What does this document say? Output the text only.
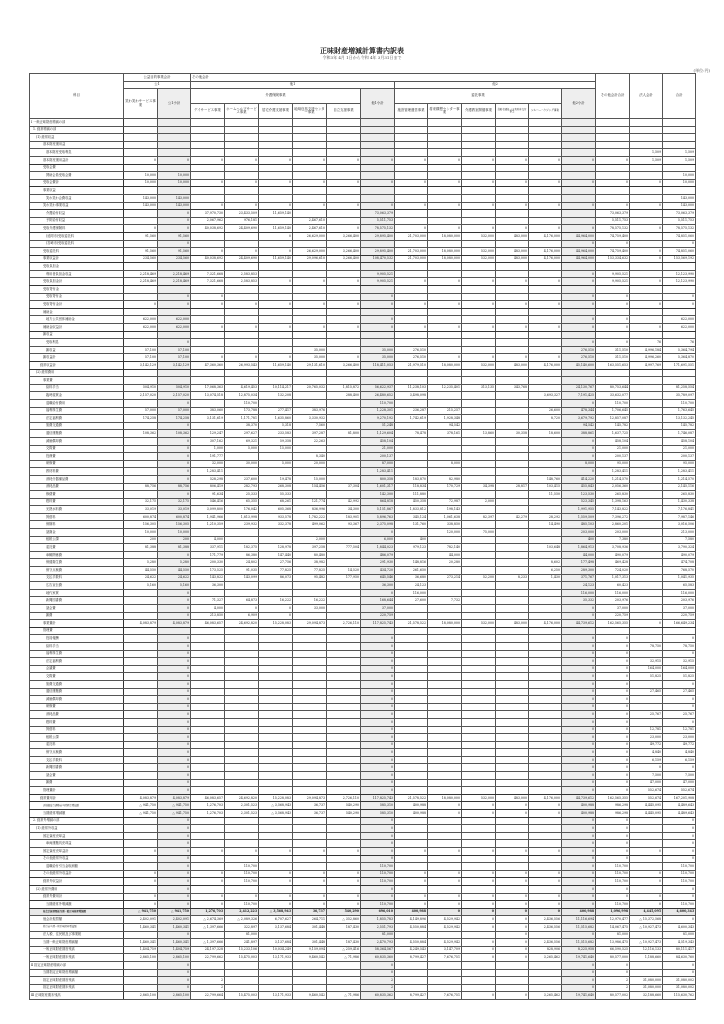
正味財産増減計算書内訳表
令和3年 4月 1日から令和 4年 3月31日まで
(単位:円)
科目	公益目的事業会計		その他会計												その他会計合計	法人会計	合計
	公1		他1						他2								
	笑わ笑わサービス事業	公1小計	介護保険事業					他1小計	委託事業					他2小計			
			デイサービス事業	ホームヘルプサービス事業	居宅介護支援事業	地域包括支援センター事業	自立支援事業		施設管理運営事業	将来構想センター事業	介護教室開催事業	高齢者福祉バス利用券交付事業	シルバーハウジング事業				
Ⅰ 一般正味財産増減の部																	
1. 経常増減の部																	
(1) 経常収益																	
基本財産運用益																	
基本財産受取利息																1,509	1,509
基本財産運用益計	0	0	0	0	0	0	0	0	0	0	0	0	0	0	0	1,509	1,509
受取会費																	
賛助会員受取会費	10,000	10,000															10,000
受取会費計	10,000	10,000	0	0	0	0	0	0	0	0	0	0	0	0	0	0	10,000
事業収益																	
笑わ笑わ会費収益	143,000	143,000															143,000
笑わ笑わ事業収益	143,000	143,000	0	0	0	0	0	0	0	0	0	0	0	0	0	0	143,000
介護給付収益		0	37,970,730	23,433,509	11,659,140			73,063,379							73,063,379		73,063,379
予防給付収益		0	2,067,962	976,181		2,467,610		5,511,753							5,511,753		5,511,753
受取介護保険料	0	0	40,038,692	24,409,690	11,659,140	2,467,610	0	78,575,132	0	0	0	0	0	0	78,575,132	0	78,575,132
(延岡市)受取委託料	91,560	91,560			0	26,629,000	3,266,400	29,895,400	21,703,000	18,080,000	532,000	483,000	4,176,000	44,964,000	74,759,400		74,851,060
(宮崎市)受取委託料		0												0	0		0
受取委託料	91,560	91,560	0	0	0	26,629,000	3,266,400	29,895,400	21,703,000	18,080,000	532,000	483,000	4,176,000	44,964,000	74,759,400	0	74,851,060
事業収益計	234,560	234,560	40,038,692	24,409,690	11,659,140	29,096,610	3,266,400	108,470,532	21,703,000	18,080,000	532,000	483,000	4,176,000	44,964,000	153,334,632	0	153,569,192
受取負担金																	
利用者負担金収益	2,218,469	2,218,469	7,321,668	2,583,853				9,905,521						0	9,905,521		12,123,990
受取負担金計	2,218,469	2,218,469	7,321,668	2,583,853	0	0	0	9,905,521	0	0	0	0	0	0	9,905,521	0	12,123,990
受取寄付金																	
受取寄付金		0	0					0						0	0		0
受取寄付金計	0	0	0	0	0	0	0	0	0	0	0	0	0	0	0	0	0
補助金																	
地方公共団体補助金	622,000	622,000						0						0	0		622,000
補助金収益計	622,000	622,000	0	0	0	0	0	0	0	0	0	0	0	0	0	0	622,000
雑収益																	
受取利息		0												0	0	76	76
雑収益	57,100	57,100				35,000		35,000	276,510					276,510	311,510	4,996,184	5,364,794
雑収益計	57,100	57,100	0	0	0	35,000	0	35,000	276,510	0	0	0	0	276,510	311,510	4,996,260	5,364,870
経常収益計	3,142,129	3,142,129	47,360,360	26,993,543	11,659,140	29,131,610	3,266,400	118,411,053	21,979,510	18,080,000	532,000	483,000	4,176,000	45,140,600	163,551,653	4,997,769	171,691,551
(2) 経常費用																	
事業費																	
給料手当	504,910	504,910	17,068,363	4,619,453	10,114,217	20,765,032	1,815,872	56,622,937	11,238,103	12,235,401	313,135	343,768		24,130,767	80,753,644		81,258,554
臨時雇賃金	2,157,020	2,157,020	13,074,518	12,875,034	132,208		288,400	26,480,652	3,498,098				3,693,327	7,191,425	33,632,077		35,789,097
退職給付費用		0		110,700				110,700						0	110,700		110,700
福利厚生費	57,000	57,000	383,060	173,788	277,417	383,976		1,228,301	236,287	215,257			26,600	478,344	1,706,645		1,763,645
法定福利費	174,258	174,258	3,131,619	1,171,781	1,635,860	3,330,932		9,270,192	1,742,619	1,928,348			8,720	3,679,792	12,857,087		13,132,245
旅費交通費		0		38,370	5,318	7,560		51,248		94,542				94,542	145,782		145,782
通信運搬費	108,362	108,362	129,247	297,627	233,583	397,287	81,800	1,129,604	78,478	378,161	13,860	30,358	18,600	388,861	1,637,725		1,746,087
減価償却費		0	307,162	69,321	59,358	22,263		458,104						0	458,104		458,104
交際費		0	1,000	5,000	15,000			21,000						0	21,000		21,000
役務費		0	191,777			8,340		200,137						0	200,137		200,137
研修費		0	32,000	30,000	5,000	20,000		87,000		8,000				8,000	95,000		95,000
教材料費		0	1,283,411					1,283,411						0	1,283,411		1,283,411
消耗什器備品費		0	528,298	237,600	19,478	15,000		800,358	183,870	82,980			148,760	414,220	1,214,570		1,214,570
消耗品費	88,756	88,756	806,419	282,793	268,308	154,456	37,304	1,601,317	118,834	170,729	34,398	28,817	103,415	455,843	2,056,360		2,145,116
修繕費		0	91,634	25,333	55,333			142,300	111,880				11,550	123,530	265,830		265,830
燃料費	32,175	32,175	546,416	65,355	68,261	121,774	42,992	864,818	450,358	72,987	2,000			523,345	1,398,163		1,430,338
光熱水料費	33,019	33,019	3,099,800	176,042	605,368	836,996	34,300	5,151,867	1,833,812	198,143				1,991,955	7,143,822		7,176,841
賃借料	600,874	600,874	1,941,966	1,813,998	933,578	1,782,222	183,901	5,896,763	345,124	1,061,638	82,397	42,279	28,292	1,559,509	7,396,272		7,987,146
保険料	156,305	156,305	1,210,359	239,932	332,378	499,062	93,367	2,375,098	131,760	338,850			14,490	485,103	2,860,201		3,016,506
諸謝金	10,000	10,000						0		120,000	75,000			203,000	203,000		213,000
租税公課	200	200	4,000			2,000		6,000	400					400	7,380		7,580
委託費	81,388	81,388	337,911	182,375	128,978	397,258	777,504	1,844,023	979,123	782,140			103,648	1,864,913	3,708,936		3,790,324
車輌関係費		0	171,779	86,380	147,440	80,480		486,079		44,000				44,000	490,079		490,079
保健衛生費	5,280	5,280	200,330	24,802	27,756	38,982		291,930	148,816	20,280			8,602	177,498	469,428		474,708
保守点検費	44,550	44,550	173,525	91,035	77,825	77,825	14,520	434,720	261,650				6,250	289,300	724,020		768,570
支払手数料	24,622	24,622	143,822	143,099	86,073	95,482	177,950	645,546	36,680	273,214	52,200	8,233	1,430	371,767	1,017,313		1,041,935
広告宣伝費	5,160	5,160	36,300					36,300	24,123					24,123	60,423		65,583
地代家賃		0						0	116,000					116,000	116,000		116,000
新聞図書費		0	71,327	64,873	16,222	16,222		168,644	27,600	7,732				35,332	203,976		203,976
諸会費		0	4,000	0	0	33,000		37,000						0	37,000		37,000
雑費		0	213,850	6,909	0			220,759						0	220,759		220,759
事業費計	4,083,879	4,083,879	46,083,657	24,692,820	15,228,083	29,094,873	2,726,110	117,825,743	21,578,522	18,080,000	532,000	483,000	4,176,000	44,739,612	162,565,355	0	166,649,234
管理費																	
役員報酬		0						0						0	0		0
給料手当		0						0						0	0	78,750	78,750
福利厚生費		0						0						0	0		0
法定福利費		0						0						0	0	32,915	32,915
会議費		0						0						0	0	164,000	164,000
交際費		0						0						0	0	51,825	51,825
旅費交通費		0						0						0	0		0
通信運搬費		0						0						0	0	27,465	27,465
減価償却費		0						0						0	0		0
研修費		0						0						0	0		0
消耗品費		0						0						0	0	25,767	25,767
燃料費		0						0						0	0		0
賃借料		0						0						0	0	12,781	12,781
租税公課		0						0						0	0	23,000	23,000
委託料		0						0						0	0	49,772	49,772
保守点検費		0						0						0	0	4,840	4,840
支払手数料		0						0						0	0	6,159	6,159
新聞図書費		0						0						0	0	0	0
諸会費		0						0						0	0	7,500	7,500
雑費		0						0						0	0	47,000	47,000
管理費計		0						0						0	0	552,674	552,674
経常費用計	4,083,879	4,083,879	46,083,657	24,692,820	15,228,083	29,094,873	2,726,110	117,825,743	21,578,522	18,080,000	532,000	483,000	4,176,000	44,739,612	162,565,355	552,674	167,201,908
評価損益等調整前当期経常増減額	△ 941,750	△ 941,750	1,276,703	2,301,523	△ 3,568,943	36,737	540,290	585,310	400,988	0	0	0	0	400,988	986,298	4,445,095	4,489,643
当期経常増減額	△ 941,750	△ 941,750	1,276,703	2,301,523	△ 3,568,943	36,737	540,290	585,310	400,988	0	0	0	0	400,988	986,298	4,445,095	4,489,643
2. 経常外増減の部		0						0						0	0		0
(1) 経常外収益		0						0						0	0		0
固定資産売却益		0						0						0	0		0
車両運搬具売却益		0						0						0	0		0
固定資産売却益計	0	0	0	0	0	0	0	0	0	0	0	0	0	0	0	0	0
その他経常外収益		0						0						0	0		0
退職給付引当金取崩額		0		110,700				110,700						0	110,700		110,700
その他経常外収益計	0	0	0	110,700	0	0	0	110,700	0	0	0	0	0	0	110,700	0	110,700
経常外収益計	0	0	0	110,700	0	0	0	110,700	0	0	0	0	0	0	110,700	0	110,700
(2) 経常外費用		0						0						0	0		0
経常外費用計	0	0	0	0	0	0	0	0	0	0	0	0	0	0	0	0	0
当期経常外増減額	0	0	0	110,700	0	0	0	110,700	0	0	0	0	0	0	110,700	0	110,700
他会計振替額前当期一般正味財産増減額	△ 941,750	△ 941,750	1,276,703	2,412,223	△ 3,568,943	36,737	540,290	696,010	400,988	0	0	0	0	400,988	1,096,998	4,445,095	4,600,343
他会計振替額	2,402,091	2,402,091	△ 2,674,369	△ 2,089,326	6,707,627	264,711	△ 352,860	1,855,783	4,149,896	4,529,942	0	0	2,436,556	11,116,694	12,970,477	△ 15,372,568	0
税引前当期一般正味財産増減額	1,460,341	1,460,341	△ 1,397,666	322,897	3,137,684	301,448	187,430	2,551,793	4,550,884	4,529,942	0	0	2,436,556	11,515,682	14,067,475	△ 10,927,473	4,600,343
法人税、住民税及び事業税		0		81,000				81,000				0		0	81,000		81,000
当期一般正味財産増減額	1,460,341	1,460,341	△ 1,397,666	241,897	3,137,684	301,448	187,430	2,470,793	4,550,884	4,529,942	0	0	2,436,556	11,515,682	13,986,475	△ 10,927,473	4,519,343
一般正味財産期首残高	1,404,759	1,404,759	24,197,328	15,233,106	10,034,249	9,159,094	△ 259,416	58,364,567	4,249,543	3,147,709	0	0	828,906	8,225,958	66,590,525	12,116,133	80,111,417
一般正味財産期末残高	2,865,100	2,865,100	22,799,662	15,475,003	13,171,933	9,460,542	△ 71,986	60,835,360	8,799,427	7,676,751	0	0	3,265,462	19,741,640	80,577,000	1,188,660	84,630,760
Ⅱ 指定正味財産増減の部		0						0						0	0		0
当期指定正味財産増減額		0						0						0	0		0
指定正味財産期首残高		0	2					2						0	2	31,080,000	31,080,002
指定正味財産期末残高		0	2					2						0	2	31,080,000	31,080,002
Ⅲ 正味財産期末残高	2,865,100	2,865,100	22,799,664	15,475,003	13,171,933	9,460,542	△ 71,986	60,835,362	8,799,427	7,676,751	0	0	3,265,462	19,741,640	80,577,002	32,188,660	115,630,762
